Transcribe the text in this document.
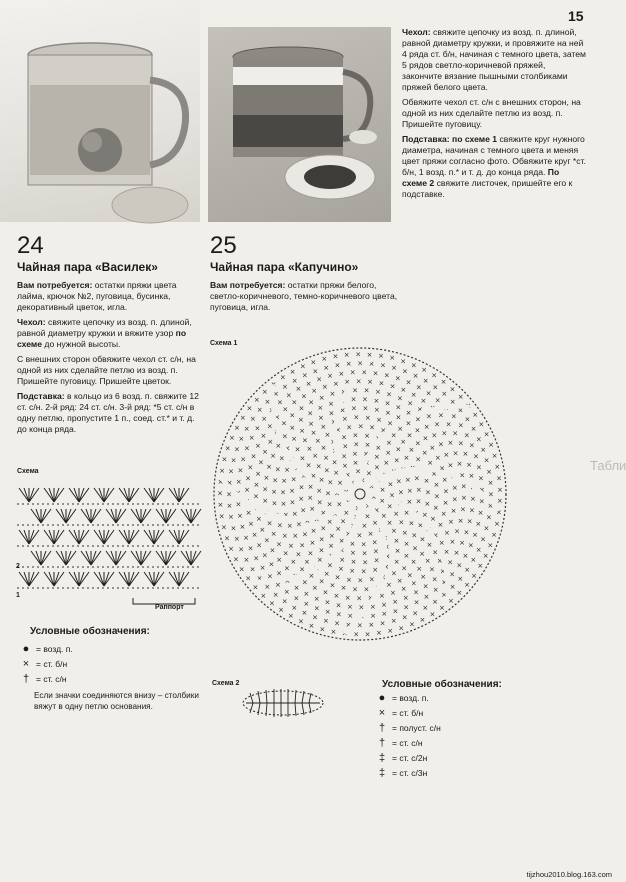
15

Чехол: свяжите цепочку из возд. п. длиной, равной диаметру кружки, и провяжите на ней 4 ряда ст. б/н, начиная с темного цвета, затем 5 рядов светло-коричневой пряжей, закончите вязание пышными столбиками пряжей белого цвета.

Обвяжите чехол ст. с/н с внешних сторон, на одной из них сделайте петлю из возд. п. Пришейте пуговицу.

Подставка: по схеме 1 свяжите круг нужного диаметра, начиная с темного цвета и меняя цвет пряжи согласно фото. Обвяжите круг *ст. б/н, 1 возд. п.* и т. д. до конца ряда. По схеме 2 свяжите листочек, пришейте его к подставке.

24
Чайная пара «Василек»

Вам потребуется: остатки пряжи цвета лайма, крючок №2, пуговица, бусинка, декоративный цветок, игла.

Чехол: свяжите цепочку из возд. п. длиной, равной диаметру кружки и вяжите узор по схеме до нужной высоты.

С внешних сторон обвяжите чехол ст. с/н, на одной из них сделайте петлю из возд. п. Пришейте пуговицу. Пришейте цветок.

Подставка: в кольцо из 6 возд. п. свяжите 12 ст. с/н. 2-й ряд: 24 ст. с/н. 3-й ряд: *5 ст. с/н в одну петлю, пропустите 1 п., соед. ст.* и т. д. до конца ряда.

25
Чайная пара «Капучино»

Вам потребуется: остатки пряжи белого, светло-коричневого, темно-коричневого цвета, пуговица, игла.

Схема
2
1
Раппорт
Условные обозначения:
● = возд. п.
× = ст. б/н
† = ст. с/н
Если значки соединяются внизу – столбики вяжут в одну петлю основания.
Схема 1
×
×
×
×
×
× ×
×
×
×
×
×
×
×
×
×
× × ×
×
×
×
×
×
×
×
×
×
×
×
×
×
× × ×
×
×
×
×
×
×
×
×
×
×
×
×
×
×
×
×
×
×
× × × ×
×
×
×
×
×
×
×
×
×
×
×
×
×
×
×
×
×
×
×
×
×
×
× × × ×
×
×
×
×
×
×
×
×
×
×
×
×
×
×
×
×
×
×
×
×
×
×
×
×
×
×
× × × ×
×
×
×
×
×
×
×
×
×
×
×
×
×
×
×
×
×
×
×
×
×
×
×
×
×
×
×
×
×
×
× × × × ×
×
×
×
×
×
×
×
×
×
×
×
×
×
×
×
×
×
×
×
×
×
×
×
×
×
×
×
×
×
×
×
×
×
×
× × × × × ×
×
×
×
×
×
×
×
×
×
×
×
×
×
×
×
×
×
×
×
×
×
×
×
×
×
×
×
×
×
×
×
×
×
×
×
×
×
×
× × × × × ×
×
×
×
×
×
×
×
×
×
×
×
×
×
×
×
×
×
×
×
×
×
×
×
×
×
×
×
×
×
×
×
×
×
×
×
×
×
×
×
×
×
×
×
× × × × × × ×
×
×
×
×
×
×
×
×
×
×
×
×
×
×
×
×
×
×
×
×
×
×
×
×
×
×
×
×
×
×
×
×
×
×
×
×
×
×
×
×
×
×
×
×
×
×
× × × × × × × ×
×
×
×
×
×
×
×
×
×
×
×
×
×
×
×
×
×
×
×
×
×
×
×
×
×
×
×
×
×
×
×
×
×
×
×
×
×
×
×
×
×
×
×
×
×
×
×
×
×
×
×
× × × × × × × ×
×
×
×
×
×
×
×
×
×
×
×
×
×
×
×
×
×
×
×
×
×
×
×
×
×
×
×
×
×
×
×
×
×
×
×
×
×
×
×
×
×
×
×
×
×
×
×
×
×
×
×
×
×
×
×
× × × × × × × ×
×
×
×
×
×
×
×
×
×
×
×
×
×
×
×
×
×
×
×
×
×
×
×
×
×
×
×
×
×
×
×
×
×
×
×
×
×
×
×
×
×
×
×
×
×
×
×
×
×
×
×
×
×
×
×
×
×
×
×
×
× × × × × × × × ×
×
×
×
×
×
×
×
×
×
×
×
×
×
×
×
×
×
×
×
×
×
×
×
×
×
×
×
×
×
×
×
×
×
×
×
×
×
×
×
×
×
×
×
×
×
×
×
×
×
×
×
×
×
×
×
×
×
×
×
×
×
×
×
×
× × × × × × × × × ×
×
×
×
×
×
×
×
×
×
×
×
×
×
×
×
×
×
×
×
×
×
×
×
×
×
×
×
×
×
×
×
×
×
×
Схема 2	Условные обозначения:
● = возд. п.
× = ст. б/н
† = полуст. с/н
† = ст. с/н
‡ = ст. с/2н
‡ = ст. с/3н
Табли
tijzhou2010.blog.163.com
